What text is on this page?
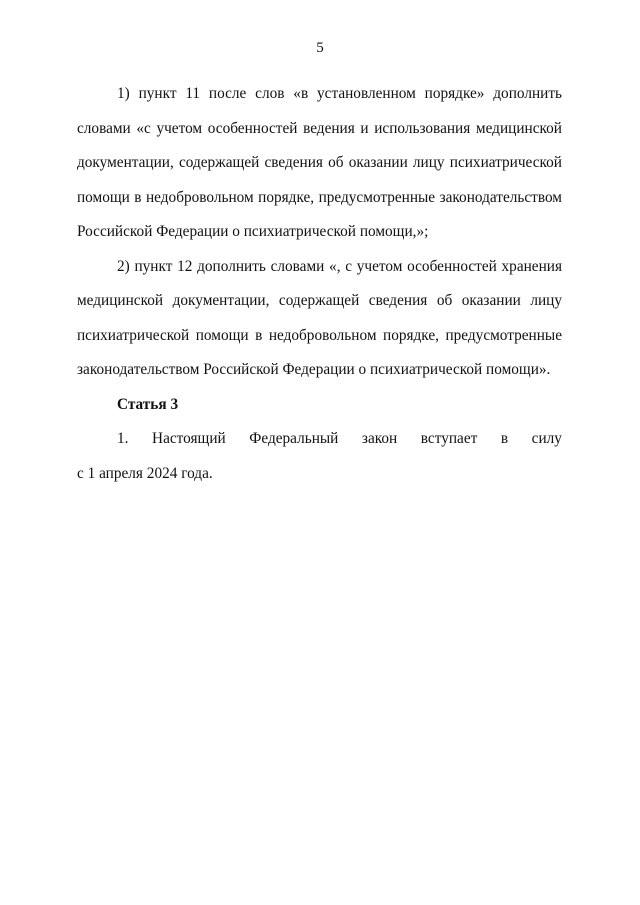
5

1) пункт 11 после слов «в установленном порядке» дополнить
словами «с учетом особенностей ведения и использования медицинской
документации, содержащей сведения об оказании лицу психиатрической
помощи в недобровольном порядке, предусмотренные законодательством
Российской Федерации о психиатрической помощи,»;

2) пункт 12 дополнить словами «, с учетом особенностей хранения
медицинской документации, содержащей сведения об оказании лицу
психиатрической помощи в недобровольном порядке, предусмотренные
законодательством Российской Федерации о психиатрической помощи».

Статья 3

1. Настоящий Федеральный закон вступает в силу

с 1 апреля 2024 года.
